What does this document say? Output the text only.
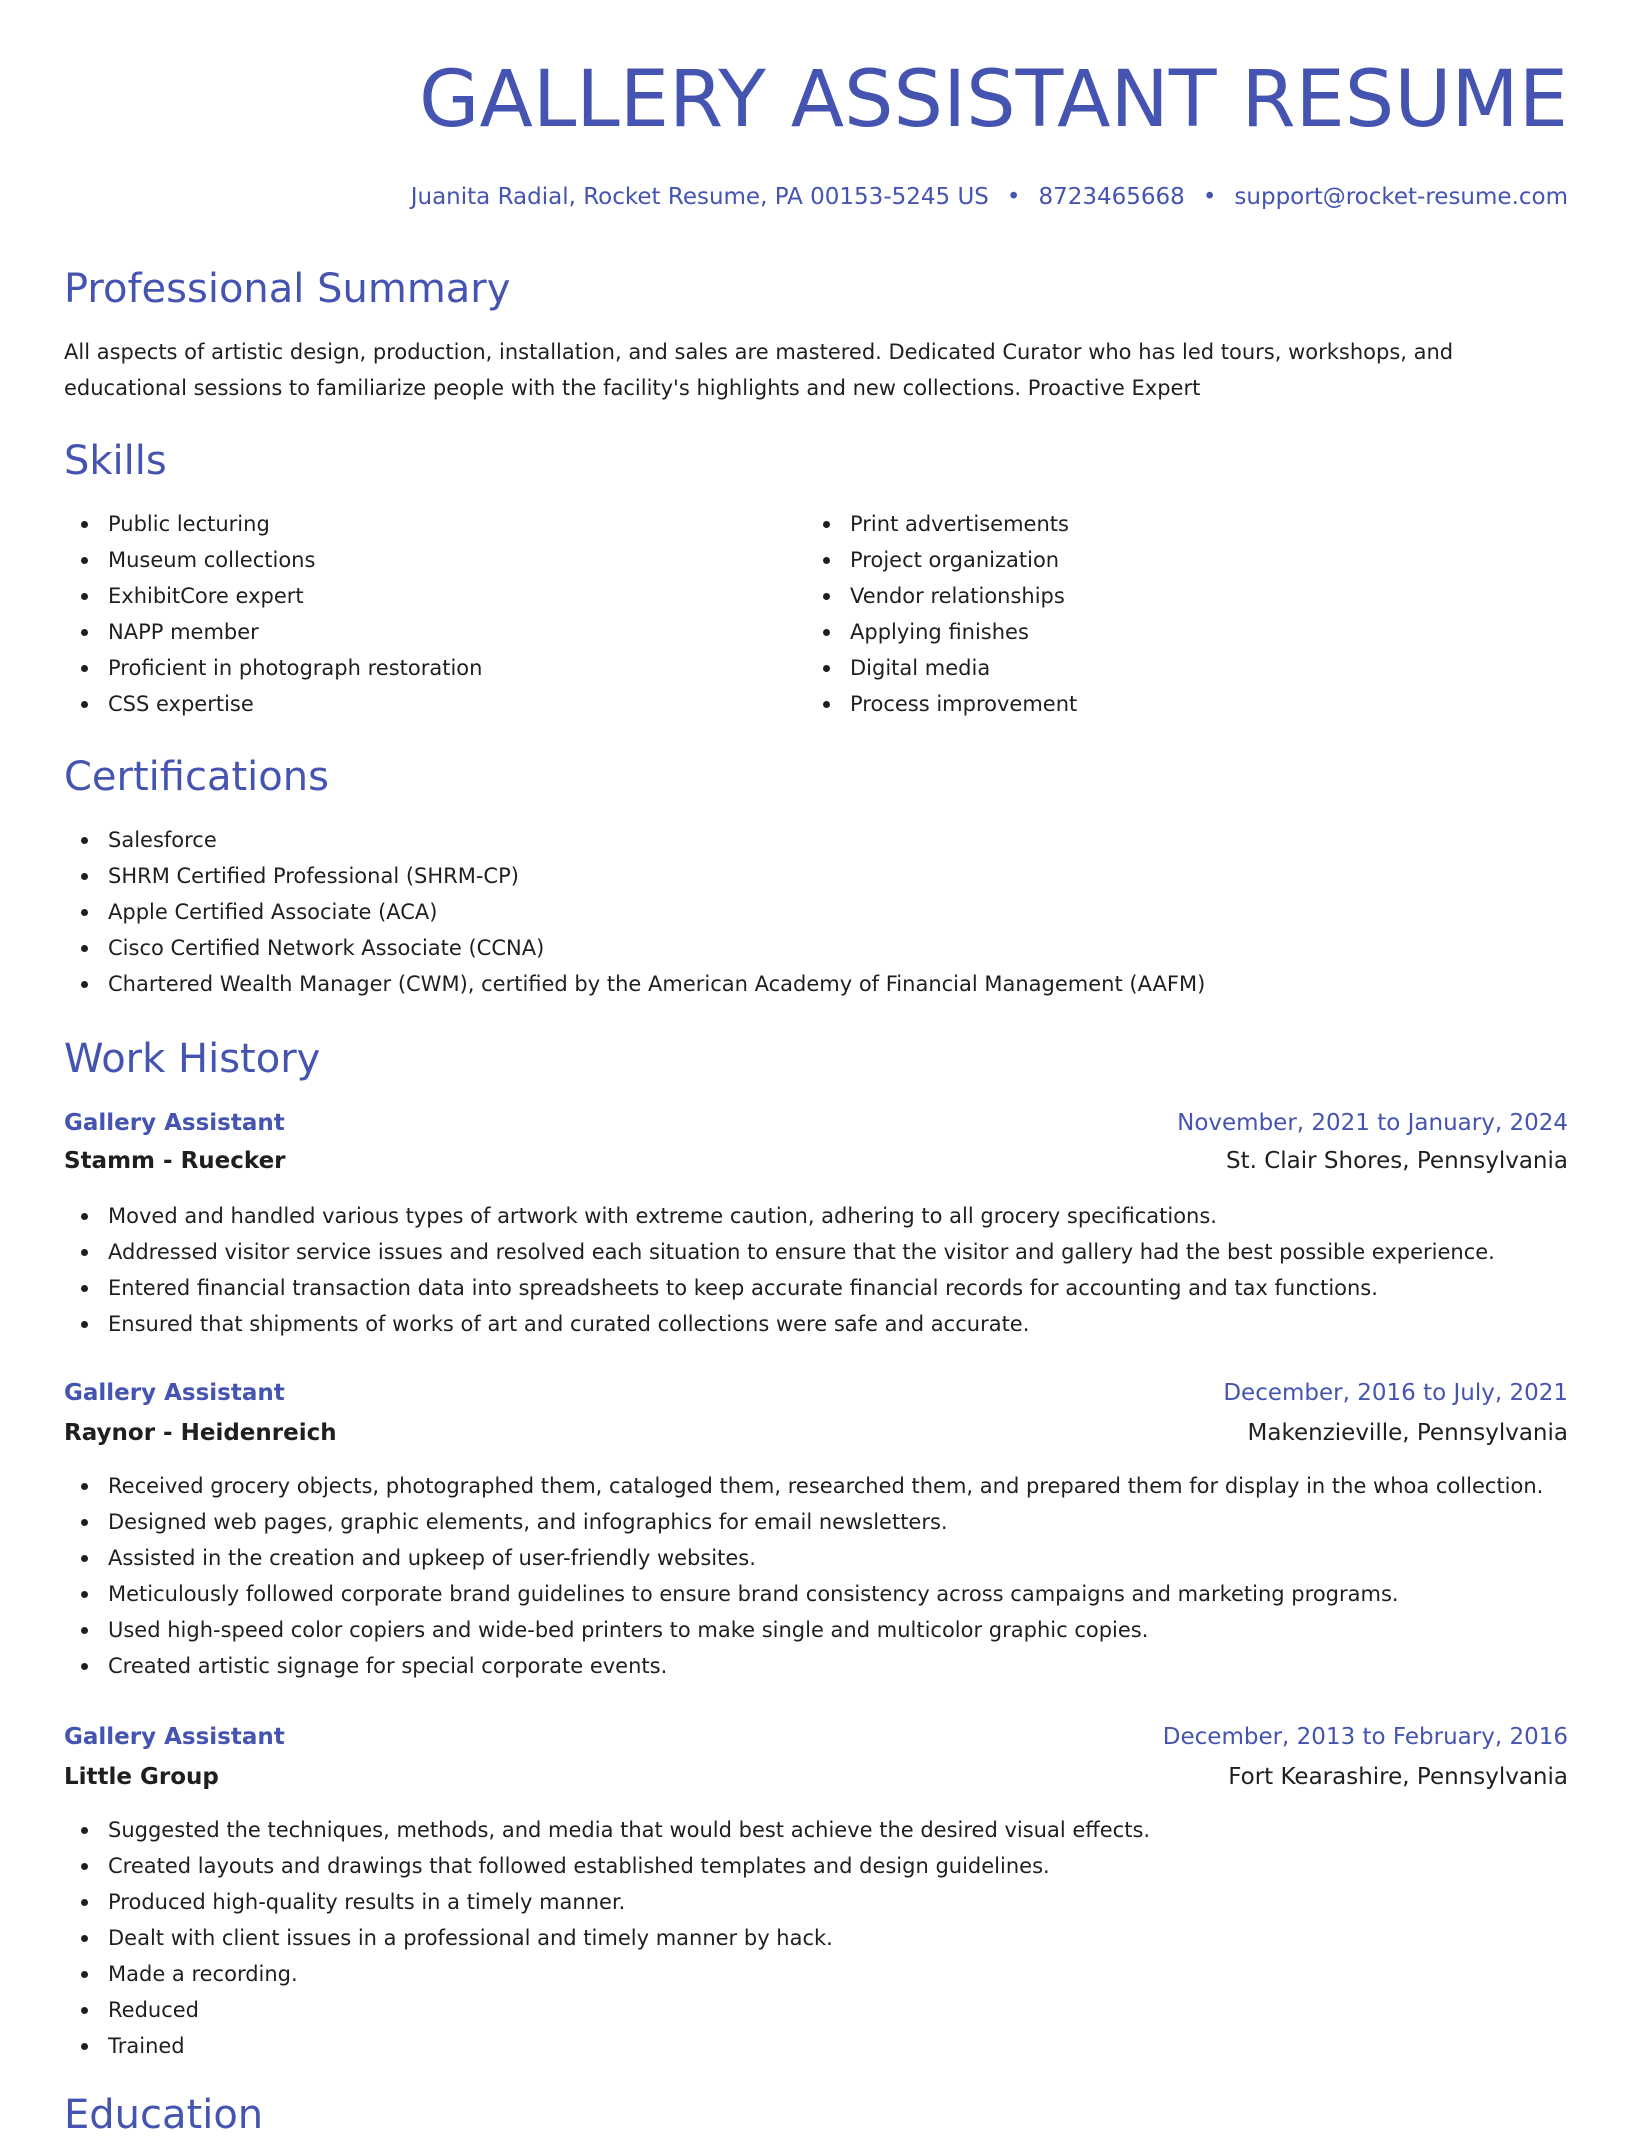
GALLERY ASSISTANT RESUME
Juanita Radial, Rocket Resume, PA 00153-5245 US • 8723465668 • support@rocket-resume.com
Professional Summary

All aspects of artistic design, production, installation, and sales are mastered. Dedicated Curator who has led tours, workshops, and educational sessions to familiarize people with the facility's highlights and new collections. Proactive Expert

Skills
Public lecturing
Museum collections
ExhibitCore expert
NAPP member
Proficient in photograph restoration
CSS expertise
Print advertisements
Project organization
Vendor relationships
Applying finishes
Digital media
Process improvement
Certifications
Salesforce
SHRM Certified Professional (SHRM-CP)
Apple Certified Associate (ACA)
Cisco Certified Network Associate (CCNA)
Chartered Wealth Manager (CWM), certified by the American Academy of Financial Management (AAFM)
Work History
Gallery Assistant	November, 2021 to January, 2024
Stamm - Ruecker	St. Clair Shores, Pennsylvania
Moved and handled various types of artwork with extreme caution, adhering to all grocery specifications.
Addressed visitor service issues and resolved each situation to ensure that the visitor and gallery had the best possible experience.
Entered financial transaction data into spreadsheets to keep accurate financial records for accounting and tax functions.
Ensured that shipments of works of art and curated collections were safe and accurate.
Gallery Assistant	December, 2016 to July, 2021
Raynor - Heidenreich	Makenzieville, Pennsylvania
Received grocery objects, photographed them, cataloged them, researched them, and prepared them for display in the whoa collection.
Designed web pages, graphic elements, and infographics for email newsletters.
Assisted in the creation and upkeep of user-friendly websites.
Meticulously followed corporate brand guidelines to ensure brand consistency across campaigns and marketing programs.
Used high-speed color copiers and wide-bed printers to make single and multicolor graphic copies.
Created artistic signage for special corporate events.
Gallery Assistant	December, 2013 to February, 2016
Little Group	Fort Kearashire, Pennsylvania
Suggested the techniques, methods, and media that would best achieve the desired visual effects.
Created layouts and drawings that followed established templates and design guidelines.
Produced high-quality results in a timely manner.
Dealt with client issues in a professional and timely manner by hack.
Made a recording.
Reduced
Trained
Education
